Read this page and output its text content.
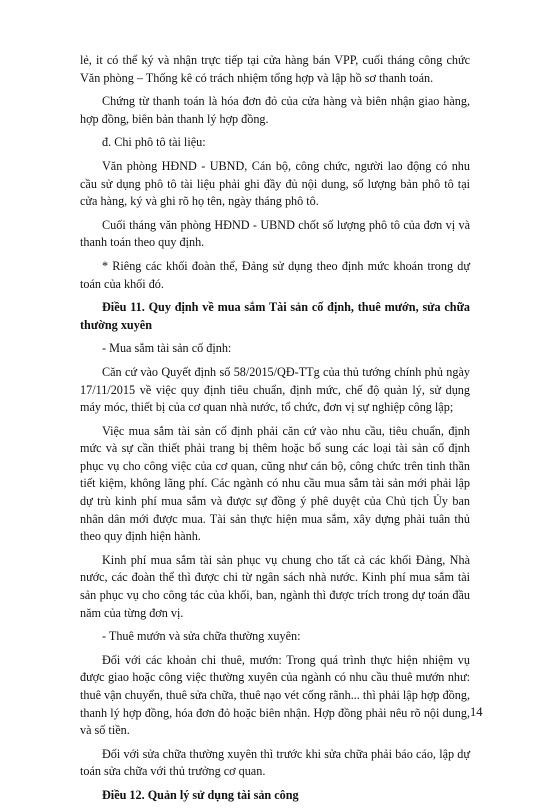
lẻ, it có thể ký và nhận trực tiếp tại cửa hàng bán VPP, cuối tháng công chức Văn phòng – Thống kê có trách nhiệm tổng hợp và lập hồ sơ thanh toán.

Chứng từ thanh toán là hóa đơn đỏ của cửa hàng và biên nhận giao hàng, hợp đồng, biên bản thanh lý hợp đồng.

đ. Chi phô tô tài liệu:

Văn phòng HĐND - UBND, Cán bộ, công chức, người lao động có nhu cầu sử dụng phô tô tài liệu phải ghi đầy đủ nội dung, số lượng bản phô tô tại cửa hàng, ký và ghi rõ họ tên, ngày tháng phô tô.

Cuối tháng văn phòng HĐND - UBND chốt số lượng phô tô của đơn vị và thanh toán theo quy định.

* Riêng các khối đoàn thể, Đảng sử dụng theo định mức khoán trong dự toán của khối đó.

Điều 11. Quy định về mua sắm Tài sản cố định, thuê mướn, sửa chữa thường xuyên

- Mua sắm tài sản cố định:

Căn cứ vào Quyết định số 58/2015/QĐ-TTg của thủ tướng chính phủ ngày 17/11/2015 về việc quy định tiêu chuẩn, định mức, chế độ quản lý, sử dụng máy móc, thiết bị của cơ quan nhà nước, tổ chức, đơn vị sự nghiệp công lập;

Việc mua sắm tài sản cố định phải căn cứ vào nhu cầu, tiêu chuẩn, định mức và sự cần thiết phải trang bị thêm hoặc bổ sung các loại tài sản cố định phục vụ cho công việc của cơ quan, cũng như cán bộ, công chức trên tinh thần tiết kiệm, không lãng phí. Các ngành có nhu cầu mua sắm tài sản mới phải lập dự trù kinh phí mua sắm và được sự đồng ý phê duyệt của Chủ tịch Ủy ban nhân dân mới được mua. Tài sản thực hiện mua sắm, xây dựng phải tuân thủ theo quy định hiện hành.

Kinh phí mua sắm tài sản phục vụ chung cho tất cả các khối Đảng, Nhà nước, các đoàn thể thì được chi từ ngân sách nhà nước. Kinh phí mua sắm tài sản phục vụ cho công tác của khối, ban, ngành thì được trích trong dự toán đầu năm của từng đơn vị.

- Thuê mướn và sửa chữa thường xuyên:

Đối với các khoản chi thuê, mướn: Trong quá trình thực hiện nhiệm vụ được giao hoặc công việc thường xuyên của ngành có nhu cầu thuê mướn như: thuê vận chuyển, thuê sửa chữa, thuê nạo vét cống rãnh... thì phải lập hợp đồng, thanh lý hợp đồng, hóa đơn đỏ hoặc biên nhận. Hợp đồng phải nêu rõ nội dung, và số tiền.

Đối với sửa chữa thường xuyên thì trước khi sửa chữa phải báo cáo, lập dự toán sửa chữa với thủ trưởng cơ quan.

Điều 12. Quản lý sử dụng tài sản công

14
